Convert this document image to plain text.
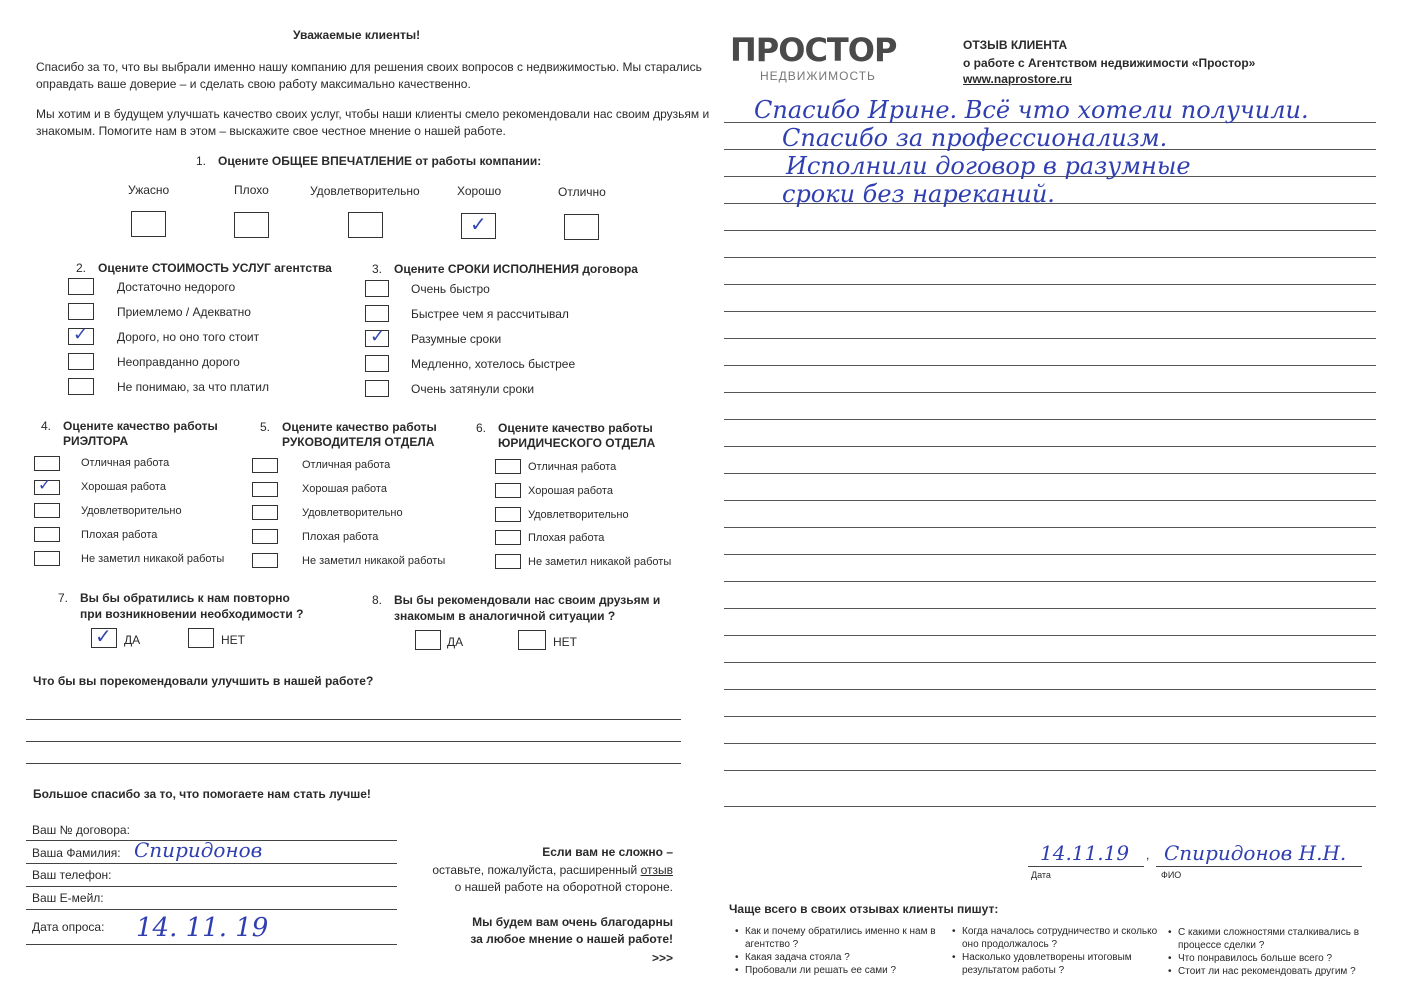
Уважаемые клиенты!
Спасибо за то, что вы выбрали именно нашу компанию для решения своих вопросов с недвижимостью. Мы старались
оправдать ваше доверие – и сделать свою работу максимально качественно.
Мы хотим и в будущем улучшать качество своих услуг, чтобы наши клиенты смело рекомендовали нас своим друзьям и
знакомым. Помогите нам в этом – выскажите свое честное мнение о нашей работе.
1. Оцените ОБЩЕЕ ВПЕЧАТЛЕНИЕ от работы компании:
Ужасно	Плохо	Удовлетворительно	Хорошо	Отлично
✓
2. Оцените СТОИМОСТЬ УСЛУГ агентства
Достаточно недорого
Приемлемо / Адекватно
✓ Дорого, но оно того стоит
Неоправданно дорого
Не понимаю, за что платил
3. Оцените СРОКИ ИСПОЛНЕНИЯ договора
Очень быстро
Быстрее чем я рассчитывал
✓ Разумные сроки
Медленно, хотелось быстрее
Очень затянули сроки
4. Оцените качество работы
РИЭЛТОРА
Отличная работа
✓	Хорошая работа
Удовлетворительно
Плохая работа
Не заметил никакой работы
5. Оцените качество работы
РУКОВОДИТЕЛЯ ОТДЕЛА
Отличная работа
Хорошая работа
Удовлетворительно
Плохая работа
Не заметил никакой работы
6. Оцените качество работы
ЮРИДИЧЕСКОГО ОТДЕЛА
Отличная работа
Хорошая работа
Удовлетворительно
Плохая работа
Не заметил никакой работы
7. Вы бы обратились к нам повторно
при возникновении необходимости ?
✓ ДА	НЕТ
8. Вы бы рекомендовали нас своим друзьям и
знакомым в аналогичной ситуации ?
ДА	НЕТ
Что бы вы порекомендовали улучшить в нашей работе?
Большое спасибо за то, что помогаете нам стать лучше!
Ваш № договора:
Ваша Фамилия: Спиридонов
Ваш телефон:
Ваш Е-мейл:
Дата опроса: 14. 11. 19
Если вам не сложно –
оставьте, пожалуйста, расширенный отзыв
о нашей работе на оборотной стороне.
Мы будем вам очень благодарны
за любое мнение о нашей работе!
>>>
ПРОСТОР
НЕДВИЖИМОСТЬ
ОТЗЫВ КЛИЕНТА
о работе с Агентством недвижимости «Простор»
www.naprostore.ru
Спасибо Ирине. Всё что хотели получили.
Спасибо за профессионализм.
Исполнили договор в разумные
сроки без нареканий.
14.11.19 , Спиридонов Н.Н.
Дата	ФИО
Чаще всего в своих отзывах клиенты пишут:
• Как и почему обратились именно к нам в
агентство ?
• Какая задача стояла ?
• Пробовали ли решать ее сами ?
• Когда началось сотрудничество и сколько
оно продолжалось ?
• Насколько удовлетворены итоговым
результатом работы ?
• С какими сложностями сталкивались в
процессе сделки ?
• Что понравилось больше всего ?
• Стоит ли нас рекомендовать другим ?
